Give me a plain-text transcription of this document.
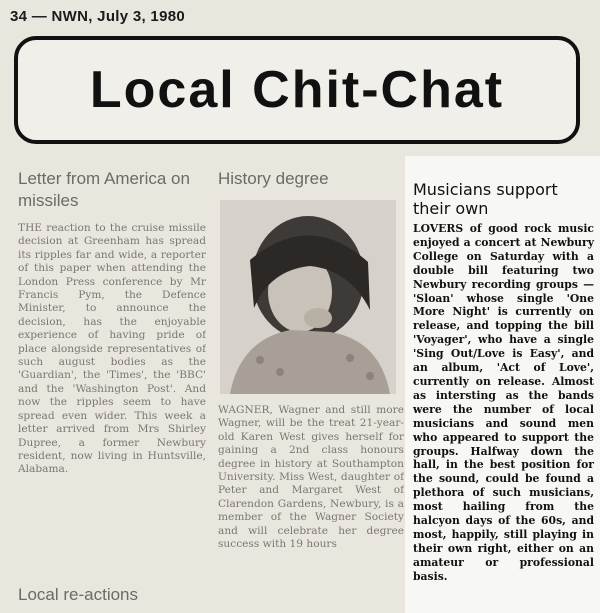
34 — NWN, July 3, 1980
Local Chit-Chat
Letter from America on missiles

THE reaction to the cruise missile decision at Greenham has spread its ripples far and wide, a reporter of this paper when attending the London Press conference by Mr Francis Pym, the Defence Minister, to announce the decision, has the enjoyable experience of having pride of place alongside representatives of such august bodies as the 'Guardian', the 'Times', the 'BBC' and the 'Washington Post'. And now the ripples seem to have spread even wider. This week a letter arrived from Mrs Shirley Dupree, a former Newbury resident, now living in Huntsville, Alabama.

Local re-actions
History degree

WAGNER, Wagner and still more Wagner, will be the treat 21-year-old Karen West gives herself for gaining a 2nd class honours degree in history at Southampton University. Miss West, daughter of Peter and Margaret West of Clarendon Gardens, Newbury, is a member of the Wagner Society and will celebrate her degree success with 19 hours

Musicians support their own

LOVERS of good rock music enjoyed a concert at Newbury College on Saturday with a double bill featuring two Newbury recording groups — 'Sloan' whose single 'One More Night' is currently on release, and topping the bill 'Voyager', who have a single 'Sing Out/Love is Easy', and an album, 'Act of Love', currently on release. Almost as intersting as the bands were the number of local musicians and sound men who appeared to support the groups. Halfway down the hall, in the best position for the sound, could be found a plethora of such musicians, most hailing from the halcyon days of the 60s, and most, happily, still playing in their own right, either on an amateur or professional basis.
